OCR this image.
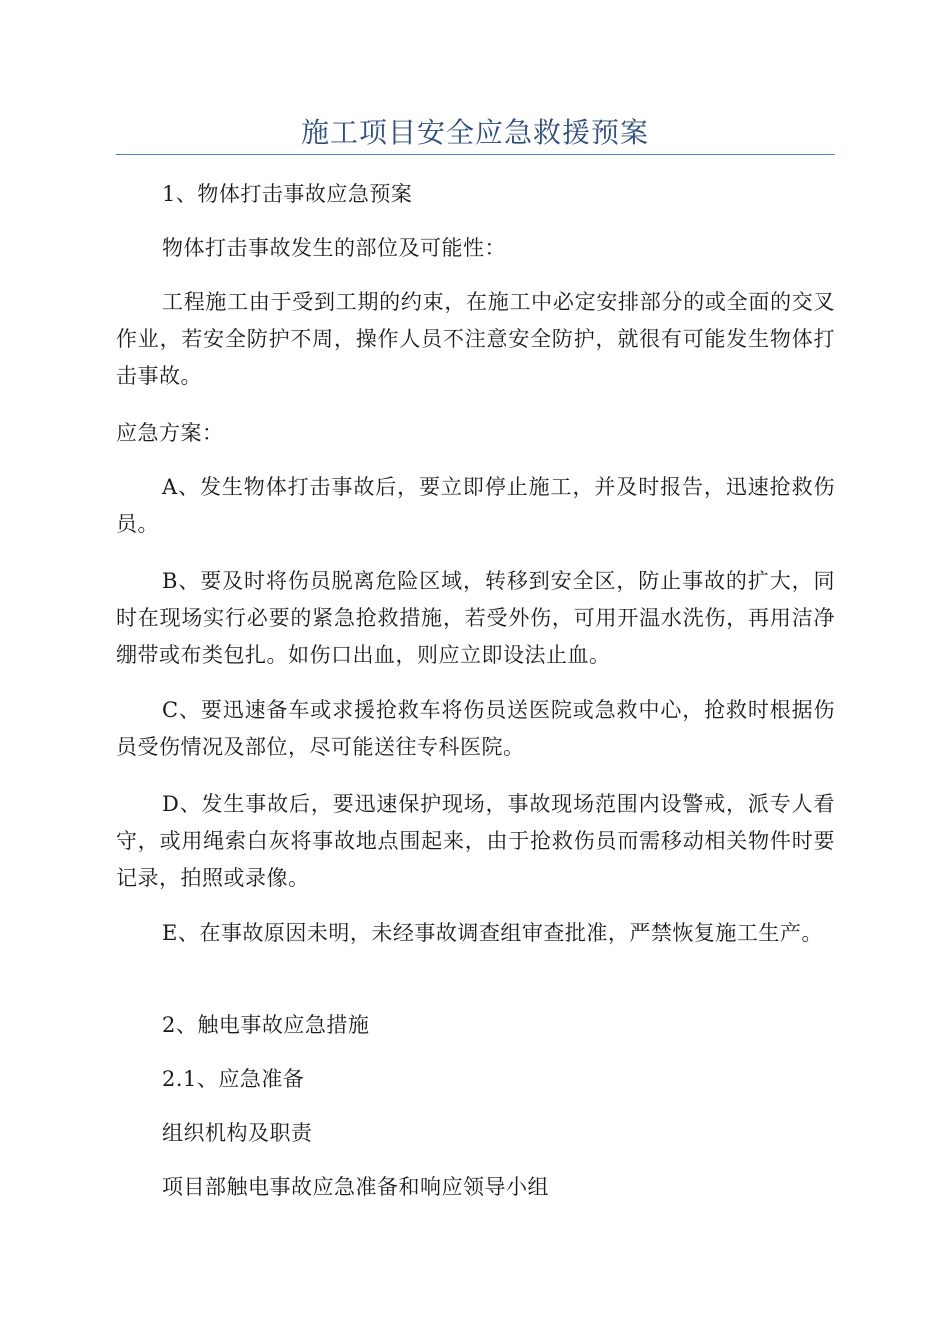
施工项目安全应急救援预案

1、物体打击事故应急预案

物体打击事故发生的部位及可能性：

工程施工由于受到工期的约束，在施工中必定安排部分的或全面的交叉作业，若安全防护不周，操作人员不注意安全防护，就很有可能发生物体打击事故。

应急方案：

A、发生物体打击事故后，要立即停止施工，并及时报告，迅速抢救伤员。

B、要及时将伤员脱离危险区域，转移到安全区，防止事故的扩大，同时在现场实行必要的紧急抢救措施，若受外伤，可用开温水洗伤，再用洁净绷带或布类包扎。如伤口出血，则应立即设法止血。

C、要迅速备车或求援抢救车将伤员送医院或急救中心，抢救时根据伤员受伤情况及部位，尽可能送往专科医院。

D、发生事故后，要迅速保护现场，事故现场范围内设警戒，派专人看守，或用绳索白灰将事故地点围起来，由于抢救伤员而需移动相关物件时要记录，拍照或录像。

E、在事故原因未明，未经事故调查组审查批准，严禁恢复施工生产。

2、触电事故应急措施

2.1、应急准备

组织机构及职责

项目部触电事故应急准备和响应领导小组
